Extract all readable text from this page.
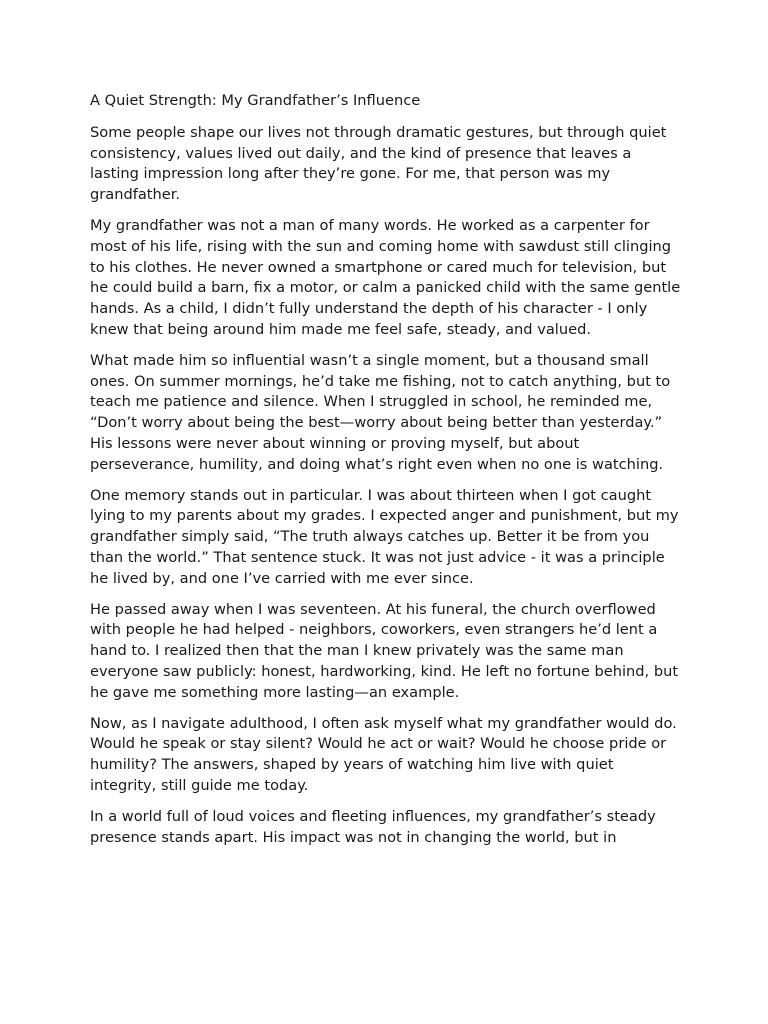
A Quiet Strength: My Grandfather’s Influence

Some people shape our lives not through dramatic gestures, but through quiet consistency, values lived out daily, and the kind of presence that leaves a lasting impression long after they’re gone. For me, that person was my grandfather.

My grandfather was not a man of many words. He worked as a carpenter for most of his life, rising with the sun and coming home with sawdust still clinging to his clothes. He never owned a smartphone or cared much for television, but he could build a barn, fix a motor, or calm a panicked child with the same gentle hands. As a child, I didn’t fully understand the depth of his character - I only knew that being around him made me feel safe, steady, and valued.

What made him so influential wasn’t a single moment, but a thousand small ones. On summer mornings, he’d take me fishing, not to catch anything, but to teach me patience and silence. When I struggled in school, he reminded me, “Don’t worry about being the best—worry about being better than yesterday.” His lessons were never about winning or proving myself, but about perseverance, humility, and doing what’s right even when no one is watching.

One memory stands out in particular. I was about thirteen when I got caught lying to my parents about my grades. I expected anger and punishment, but my grandfather simply said, “The truth always catches up. Better it be from you than the world.” That sentence stuck. It was not just advice - it was a principle he lived by, and one I’ve carried with me ever since.

He passed away when I was seventeen. At his funeral, the church overflowed with people he had helped - neighbors, coworkers, even strangers he’d lent a hand to. I realized then that the man I knew privately was the same man everyone saw publicly: honest, hardworking, kind. He left no fortune behind, but he gave me something more lasting—an example.

Now, as I navigate adulthood, I often ask myself what my grandfather would do. Would he speak or stay silent? Would he act or wait? Would he choose pride or humility? The answers, shaped by years of watching him live with quiet integrity, still guide me today.

In a world full of loud voices and fleeting influences, my grandfather’s steady presence stands apart. His impact was not in changing the world, but in
